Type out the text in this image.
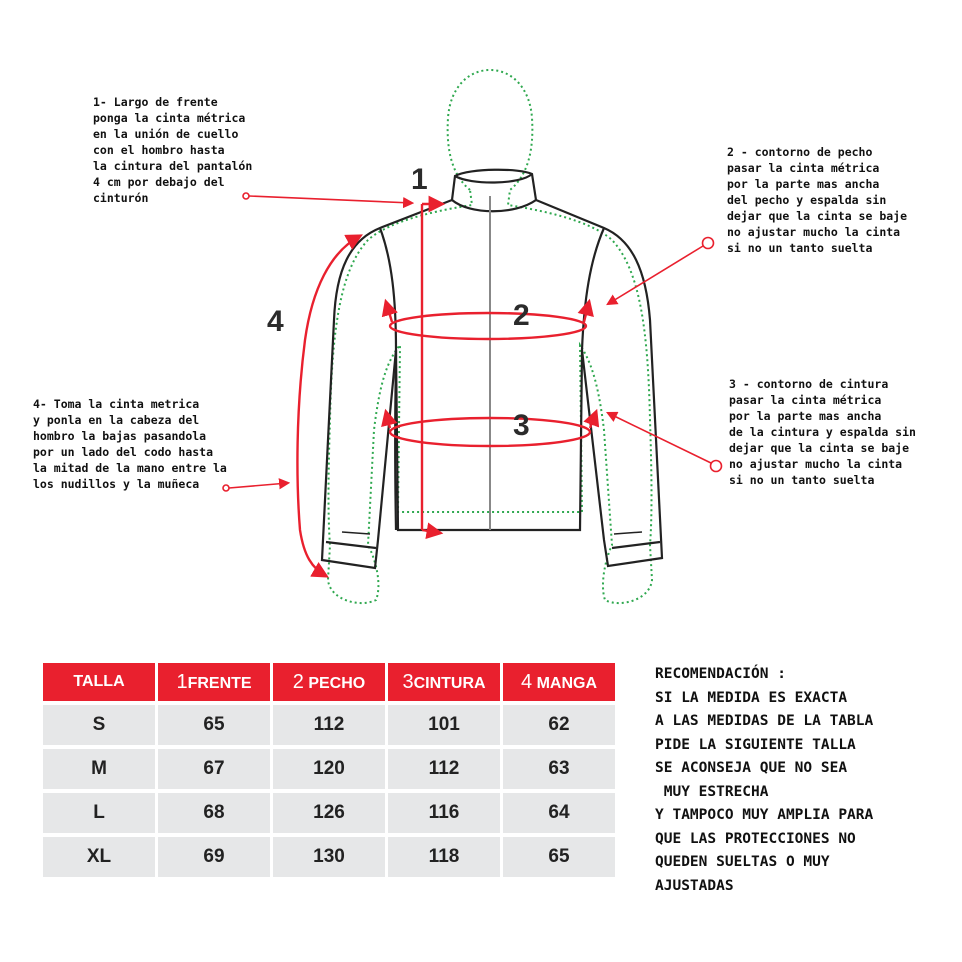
1- Largo de frente
ponga la cinta métrica
en la unión de cuello
con el hombro hasta
la cintura del pantalón
4 cm por debajo del
cinturón
2 - contorno de pecho
pasar la cinta métrica
por la parte mas ancha
del pecho y espalda sin
dejar que la cinta se baje
no ajustar mucho la cinta
si no un tanto suelta
3 - contorno de cintura
pasar la cinta métrica
por la parte mas ancha
de la cintura y espalda sin
dejar que la cinta se baje
no ajustar mucho la cinta
si no un tanto suelta
4- Toma la cinta metrica
y ponla en la cabeza del
hombro la bajas pasandola
por un lado del codo hasta
la mitad de la mano entre la
los nudillos y la muñeca
1
2
3
4
TALLA	1FRENTE	2 PECHO	3CINTURA	4 MANGA
S	65	112	101	62
M	67	120	112	63
L	68	126	116	64
XL	69	130	118	65
RECOMENDACIÓN :
SI LA MEDIDA ES EXACTA
A LAS MEDIDAS DE LA TABLA
PIDE LA SIGUIENTE TALLA
SE ACONSEJA QUE NO SEA
MUY ESTRECHA
Y TAMPOCO MUY AMPLIA PARA
QUE LAS PROTECCIONES NO
QUEDEN SUELTAS O MUY
AJUSTADAS
